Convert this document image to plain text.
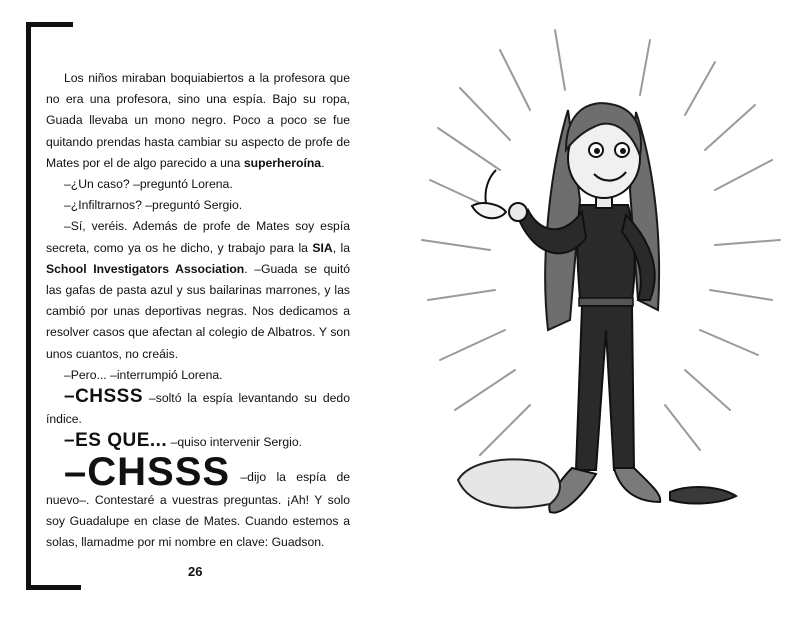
Los niños miraban boquiabiertos a la profesora que no era una profesora, sino una espía. Bajo su ropa, Guada llevaba un mono negro. Poco a poco se fue quitando prendas hasta cambiar su aspecto de profe de Mates por el de algo parecido a una superheroína.

–¿Un caso? –preguntó Lorena.

–¿Infiltrarnos? –preguntó Sergio.

–Sí, veréis. Además de profe de Mates soy espía secreta, como ya os he dicho, y trabajo para la SIA, la School Investigators Association. –Guada se quitó las gafas de pasta azul y sus bailarinas marrones, y las cambió por unas deportivas negras. Nos dedicamos a resolver casos que afectan al colegio de Albatros. Y son unos cuantos, no creáis.

–Pero... –interrumpió Lorena.

–CHSSS –soltó la espía levantando su dedo índice.

–ES QUE... –quiso intervenir Sergio.

–CHSSS –dijo la espía de nuevo–. Contestaré a vuestras preguntas. ¡Ah! Y solo soy Guadalupe en clase de Mates. Cuando estemos a solas, llamadme por mi nombre en clave: Guadson.

26
